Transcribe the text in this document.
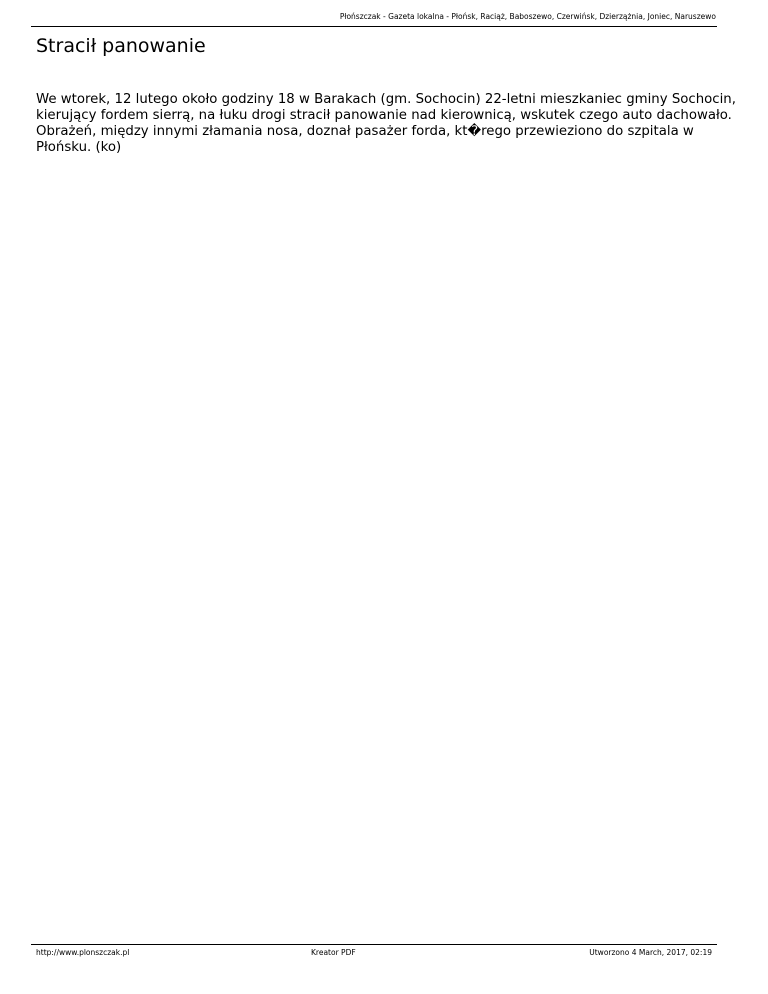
Płońszczak - Gazeta lokalna - Płońsk, Raciąż, Baboszewo, Czerwińsk, Dzierzążnia, Joniec, Naruszewo
Stracił panowanie

We wtorek, 12 lutego około godziny 18 w Barakach (gm. Sochocin) 22-letni mieszkaniec gminy Sochocin, kierujący fordem sierrą, na łuku drogi stracił panowanie nad kierownicą, wskutek czego auto dachowało. Obrażeń, między innymi złamania nosa, doznał pasażer forda, kt�rego przewieziono do szpitala w Płońsku. (ko)

http://www.plonszczak.pl	Kreator PDF	Utworzono 4 March, 2017, 02:19
